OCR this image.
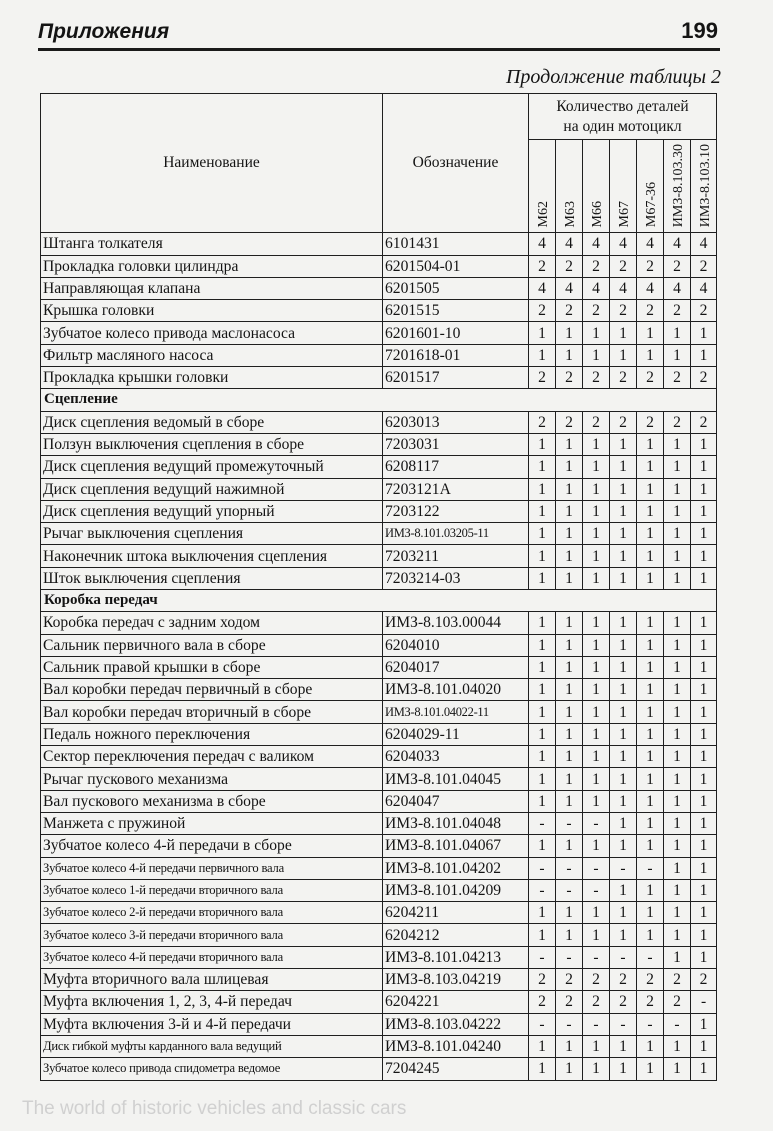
Приложения	199
Продолжение таблицы 2
Наименование	Обозначение	Количество деталей
на один мотоцикл						

		М62	М63	М66	М67	М67-36	ИМЗ-8.103.30	ИМЗ-8.103.10
Штанга толкателя	6101431	4	4	4	4	4	4	4
Прокладка головки цилиндра	6201504-01	2	2	2	2	2	2	2
Направляющая клапана	6201505	4	4	4	4	4	4	4
Крышка головки	6201515	2	2	2	2	2	2	2
Зубчатое колесо привода маслонасоса	6201601-10	1	1	1	1	1	1	1
Фильтр масляного насоса	7201618-01	1	1	1	1	1	1	1
Прокладка крышки головки	6201517	2	2	2	2	2	2	2
Сцепление								
Диск сцепления ведомый в сборе	6203013	2	2	2	2	2	2	2
Ползун выключения сцепления в сборе	7203031	1	1	1	1	1	1	1
Диск сцепления ведущий промежуточный	6208117	1	1	1	1	1	1	1
Диск сцепления ведущий нажимной	7203121А	1	1	1	1	1	1	1
Диск сцепления ведущий упорный	7203122	1	1	1	1	1	1	1
Рычаг выключения сцепления	ИМЗ-8.101.03205-11	1	1	1	1	1	1	1
Наконечник штока выключения сцепления	7203211	1	1	1	1	1	1	1
Шток выключения сцепления	7203214-03	1	1	1	1	1	1	1
Коробка передач								
Коробка передач с задним ходом	ИМЗ-8.103.00044	1	1	1	1	1	1	1
Сальник первичного вала в сборе	6204010	1	1	1	1	1	1	1
Сальник правой крышки в сборе	6204017	1	1	1	1	1	1	1
Вал коробки передач первичный в сборе	ИМЗ-8.101.04020	1	1	1	1	1	1	1
Вал коробки передач вторичный в сборе	ИМЗ-8.101.04022-11	1	1	1	1	1	1	1
Педаль ножного переключения	6204029-11	1	1	1	1	1	1	1
Сектор переключения передач с валиком	6204033	1	1	1	1	1	1	1
Рычаг пускового механизма	ИМЗ-8.101.04045	1	1	1	1	1	1	1
Вал пускового механизма в сборе	6204047	1	1	1	1	1	1	1
Манжета с пружиной	ИМЗ-8.101.04048	-	-	-	1	1	1	1
Зубчатое колесо 4-й передачи в сборе	ИМЗ-8.101.04067	1	1	1	1	1	1	1
Зубчатое колесо 4-й передачи первичного вала	ИМЗ-8.101.04202	-	-	-	-	-	1	1
Зубчатое колесо 1-й передачи вторичного вала	ИМЗ-8.101.04209	-	-	-	1	1	1	1
Зубчатое колесо 2-й передачи вторичного вала	6204211	1	1	1	1	1	1	1
Зубчатое колесо 3-й передачи вторичного вала	6204212	1	1	1	1	1	1	1
Зубчатое колесо 4-й передачи вторичного вала	ИМЗ-8.101.04213	-	-	-	-	-	1	1
Муфта вторичного вала шлицевая	ИМЗ-8.103.04219	2	2	2	2	2	2	2
Муфта включения 1, 2, 3, 4-й передач	6204221	2	2	2	2	2	2	-
Муфта включения 3-й и 4-й передачи	ИМЗ-8.103.04222	-	-	-	-	-	-	1
Диск гибкой муфты карданного вала ведущий	ИМЗ-8.101.04240	1	1	1	1	1	1	1
Зубчатое колесо привода спидометра ведомое	7204245	1	1	1	1	1	1	1
The world of historic vehicles and classic cars
